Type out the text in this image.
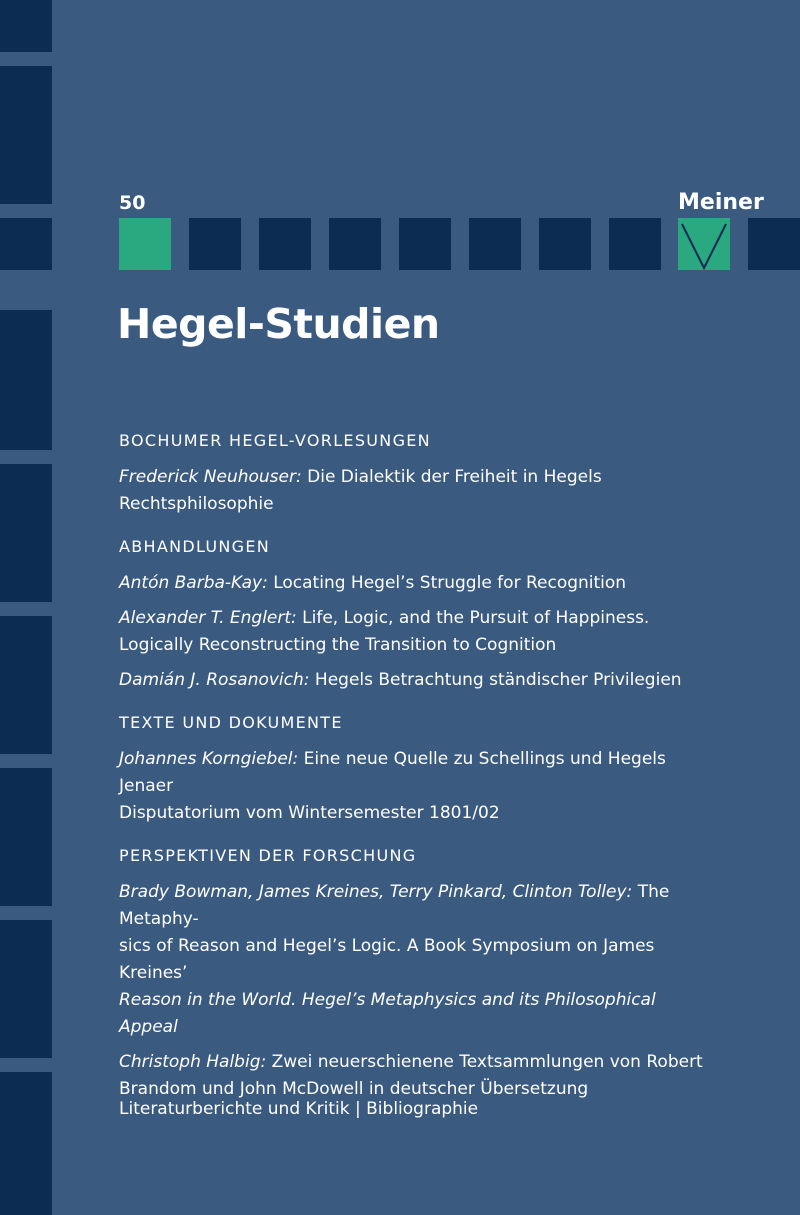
50	Meiner
Hegel-Studien
BOCHUMER HEGEL-VORLESUNGEN

Frederick Neuhouser: Die Dialektik der Freiheit in Hegels
Rechtsphilosophie

ABHANDLUNGEN

Antón Barba-Kay: Locating Hegel’s Struggle for Recognition

Alexander T. Englert: Life, Logic, and the Pursuit of Happiness.
Logically Reconstructing the Transition to Cognition

Damián J. Rosanovich: Hegels Betrachtung ständischer Privilegien

TEXTE UND DOKUMENTE

Johannes Korngiebel: Eine neue Quelle zu Schellings und Hegels Jenaer
Disputatorium vom Wintersemester 1801/02

PERSPEKTIVEN DER FORSCHUNG

Brady Bowman, James Kreines, Terry Pinkard, Clinton Tolley: The Metaphy-
sics of Reason and Hegel’s Logic. A Book Symposium on James Kreines’
Reason in the World. Hegel’s Metaphysics and its Philosophical Appeal

Christoph Halbig: Zwei neuerschienene Textsammlungen von Robert
Brandom und John McDowell in deutscher Übersetzung

Literaturberichte und Kritik | Bibliographie
